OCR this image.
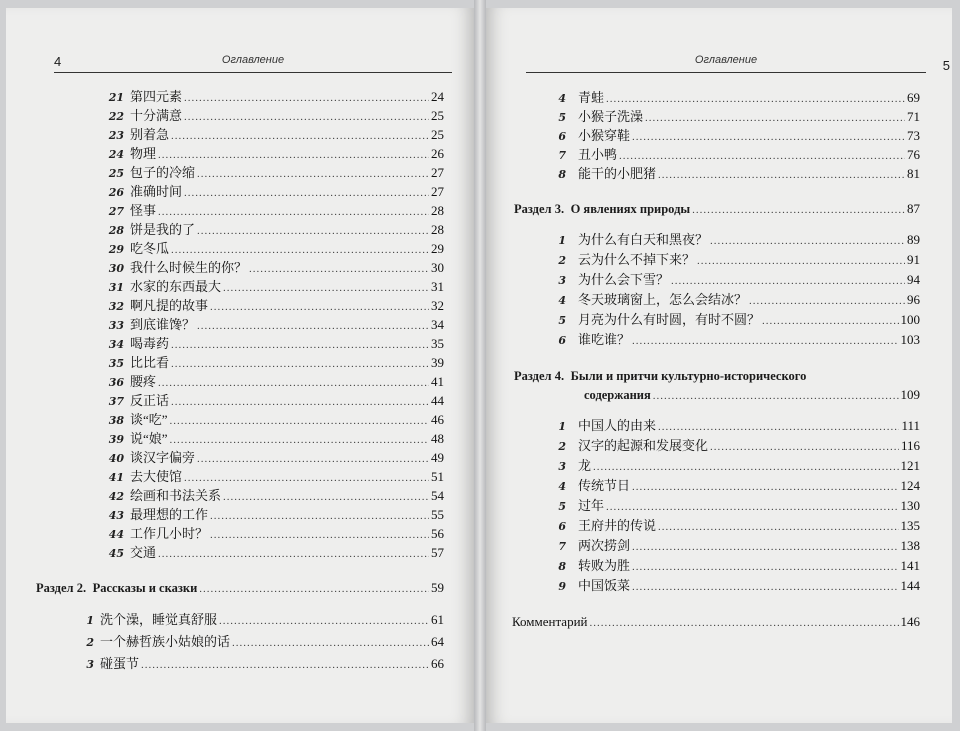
4	Оглавление
21 第四元素 .....	24
22 十分满意 .....	25
23 别着急 .....	25
24 物理 .....	26
25 包子的冷缩 .....	27
26 准确时间 .....	27
27 怪事 .....	28
28 饼是我的了 .....	28
29 吃冬瓜 .....	29
30 我什么时候生的你？ .....	30
31 水家的东西最大 .....	31
32 啊凡提的故事 .....	32
33 到底谁馋？ .....	34
34 喝毒药 .....	35
35 比比看 .....	39
36 腰疼 .....	41
37 反正话 .....	44
38 谈“吃” .....	46
39 说“娘” .....	48
40 谈汉字偏旁 .....	49
41 去大使馆 .....	51
42 绘画和书法关系 .....	54
43 最理想的工作 .....	55
44 工作几小时？ .....	56
45 交通 .....	57
Раздел 2.
Рассказы и сказки .....	59
1 洗个澡，睡觉真舒服 .....	61
2 一个赫哲族小姑娘的话 .....	64
3 碰蛋节 .....	66
Оглавление	5
4 青蛙 .....	69
5 小猴子洗澡 .....	71
6 小猴穿鞋 .....	73
7 丑小鸭 .....	76
8 能干的小肥猪 .....	81
Раздел 3.
О явлениях природы .....	87
1 为什么有白天和黑夜？ .....	89
2 云为什么不掉下来？ .....	91
3 为什么会下雪？ .....	94
4 冬天玻璃窗上，怎么会结冰？ .....	96
5 月亮为什么有时圆，有时不圆？ .....	100
6 谁吃谁？ .....	103
Раздел 4.
Были и притчи культурно-исторического
содержания .....	109
1 中国人的由来 .....	111
2 汉字的起源和发展变化 .....	116
3 龙 .....	121
4 传统节日 .....	124
5 过年 .....	130
6 王府井的传说 .....	135
7 两次捞剑 .....	138
8 转败为胜 .....	141
9 中国饭菜 .....	144
Комментарий .....	146
